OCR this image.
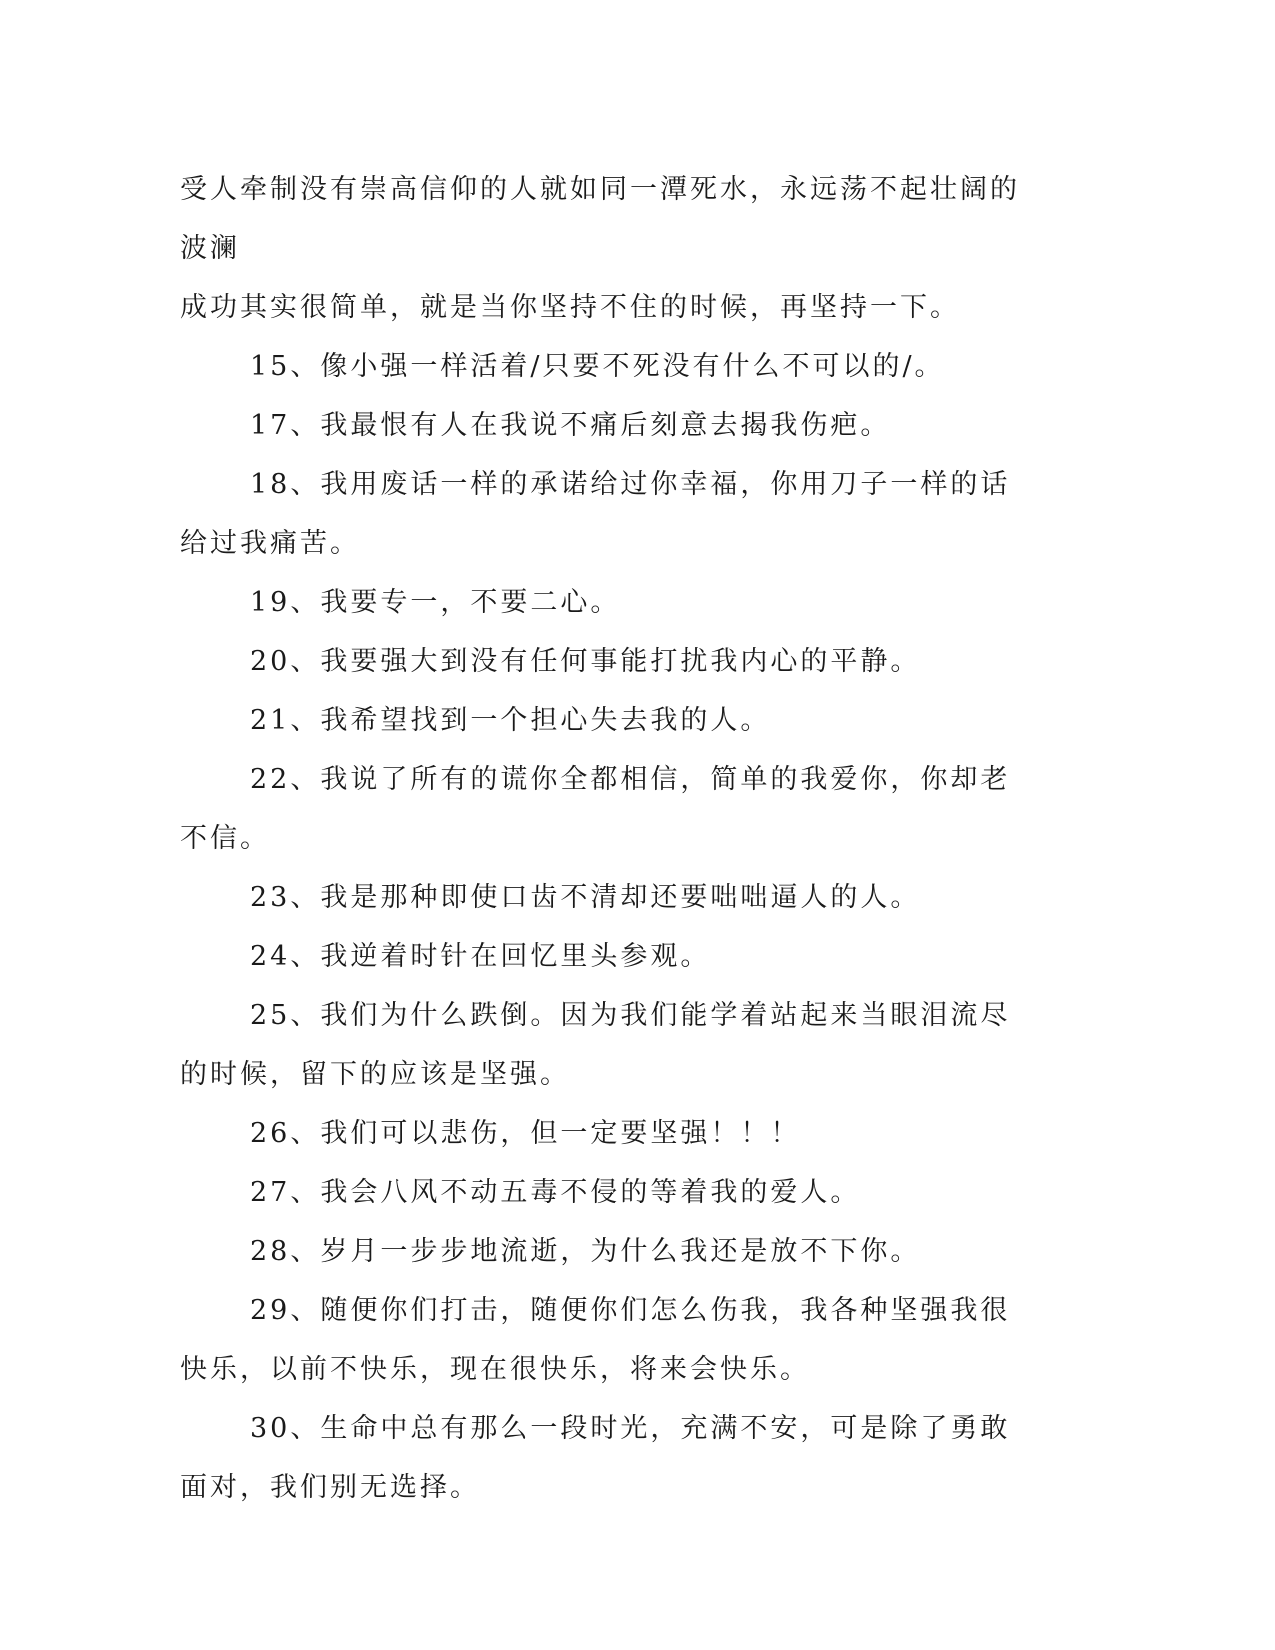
受人牵制没有崇高信仰的人就如同一潭死水，永远荡不起壮阔的波澜

成功其实很简单，就是当你坚持不住的时候，再坚持一下。

15、像小强一样活着/只要不死没有什么不可以的/。

17、我最恨有人在我说不痛后刻意去揭我伤疤。

18、我用废话一样的承诺给过你幸福，你用刀子一样的话给过我痛苦。

19、我要专一，不要二心。

20、我要强大到没有任何事能打扰我内心的平静。

21、我希望找到一个担心失去我的人。

22、我说了所有的谎你全都相信，简单的我爱你，你却老不信。

23、我是那种即使口齿不清却还要咄咄逼人的人。

24、我逆着时针在回忆里头参观。

25、我们为什么跌倒。因为我们能学着站起来当眼泪流尽的时候，留下的应该是坚强。

26、我们可以悲伤，但一定要坚强！！！

27、我会八风不动五毒不侵的等着我的爱人。

28、岁月一步步地流逝，为什么我还是放不下你。

29、随便你们打击，随便你们怎么伤我，我各种坚强我很快乐，以前不快乐，现在很快乐，将来会快乐。

30、生命中总有那么一段时光，充满不安，可是除了勇敢面对，我们别无选择。
